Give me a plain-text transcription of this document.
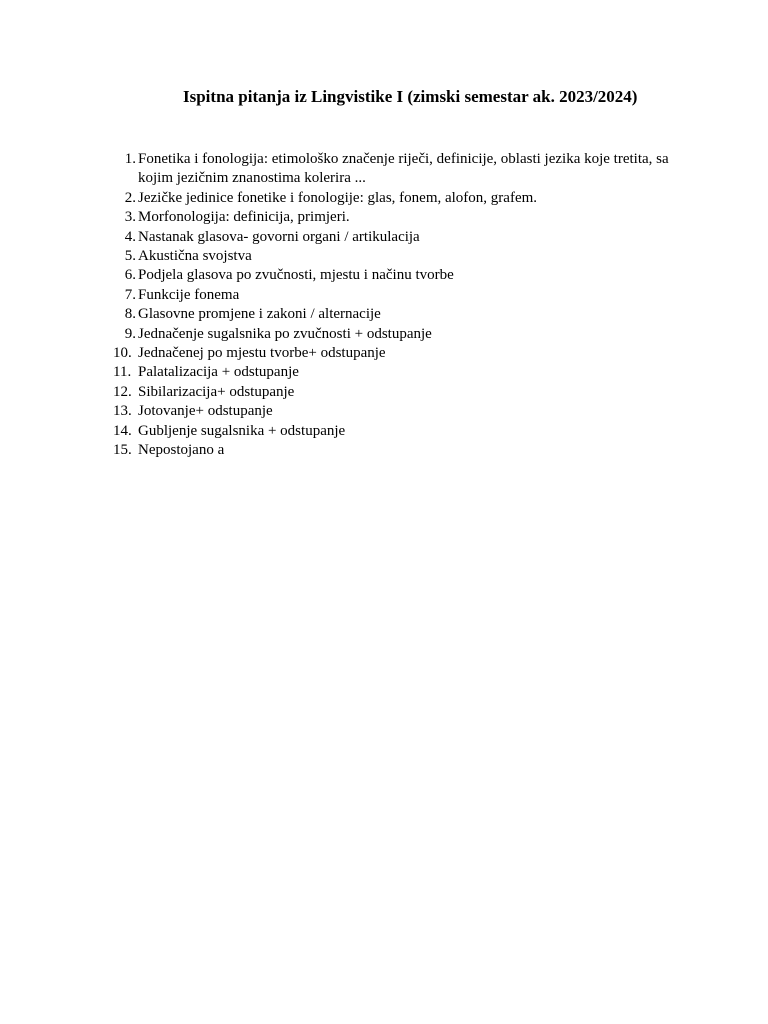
Ispitna pitanja iz Lingvistike I (zimski semestar ak. 2023/2024)
1. Fonetika i fonologija: etimološko značenje riječi, definicije, oblasti jezika koje tretita, sa kojim jezičnim znanostima kolerira ...
2. Jezičke jedinice fonetike i fonologije: glas, fonem, alofon, grafem.
3. Morfonologija: definicija, primjeri.
4. Nastanak glasova- govorni organi / artikulacija
5. Akustična svojstva
6. Podjela glasova po zvučnosti, mjestu i načinu tvorbe
7. Funkcije fonema
8. Glasovne promjene i zakoni / alternacije
9. Jednačenje sugalsnika po zvučnosti + odstupanje
10. Jednačenej po mjestu tvorbe+ odstupanje
11. Palatalizacija + odstupanje
12. Sibilarizacija+ odstupanje
13. Jotovanje+ odstupanje
14. Gubljenje sugalsnika + odstupanje
15. Nepostojano a
